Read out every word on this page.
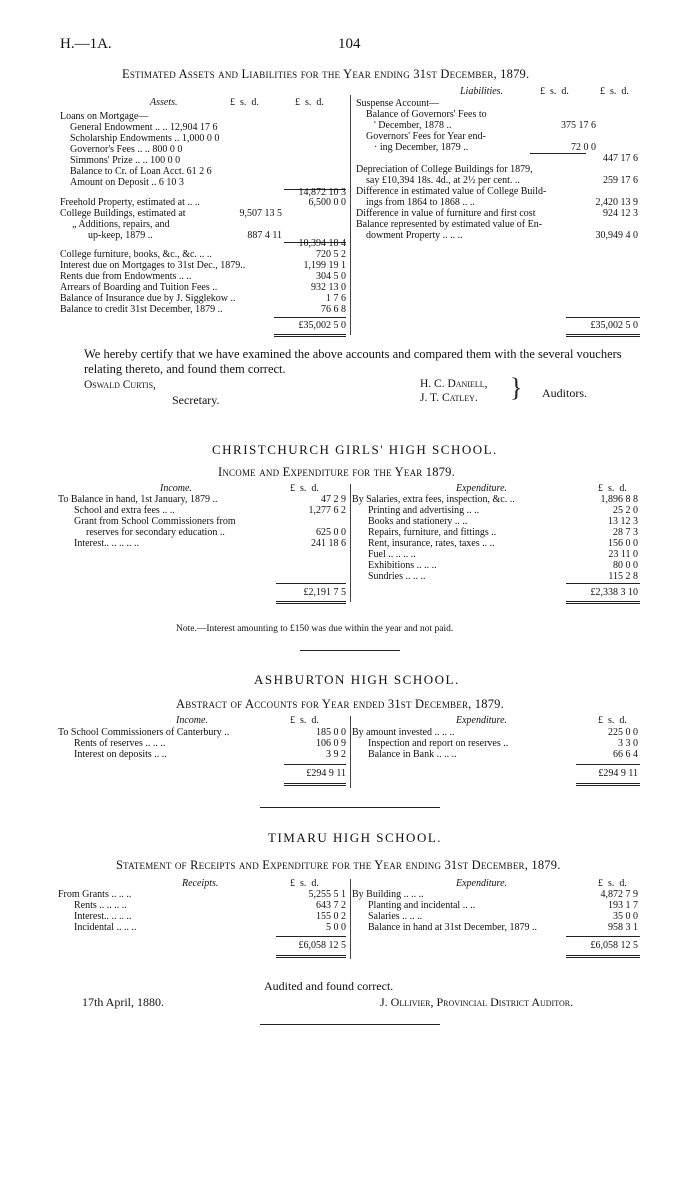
H.—1A.	104
Estimated Assets and Liabilities for the Year ending 31st December, 1879.
Assets.	£  s.  d.	£  s.  d.
Liabilities.	£  s.  d.	£  s.  d.
Loans on Mortgage—
General Endowment .. .. 12,904 17 6
Scholarship Endowments .. 1,000 0 0
Governor's Fees .. .. 800 0 0
Simmons' Prize .. .. 100 0 0
Balance to Cr. of Loan Acct. 61 2 6
Amount on Deposit .. 6 10 3
14,872 10 3
Freehold Property, estimated at .. ..	6,500 0 0
College Buildings, estimated at	9,507 13 5
„ Additions, repairs, and
up-keep, 1879 ..	887 4 11
10,394 18 4
College furniture, books, &c., &c. .. ..	720 5 2
Interest due on Mortgages to 31st Dec., 1879..	1,199 19 1
Rents due from Endowments .. ..	304 5 0
Arrears of Boarding and Tuition Fees ..	932 13 0
Balance of Insurance due by J. Sigglekow ..	1 7 6
Balance to credit 31st December, 1879 ..	76 6 8
£35,002 5 0
Suspense Account—
Balance of Governors' Fees to
' December, 1878 ..	375 17 6
Governors' Fees for Year end-
· ing December, 1879 ..	72 0 0
447 17 6
Depreciation of College Buildings for 1879,
say £10,394 18s. 4d., at 2½ per cent. ..	259 17 6
Difference in estimated value of College Build-
ings from 1864 to 1868 .. ..	2,420 13 9
Difference in value of furniture and first cost	924 12 3
Balance represented by estimated value of En-
dowment Property .. .. ..	30,949 4 0
£35,002 5 0
We hereby certify that we have examined the above accounts and compared them with the several vouchers relating thereto, and found them correct.
Oswald Curtis,
Secretary.
H. C. Daniell,
J. T. Catley. } Auditors.
CHRISTCHURCH GIRLS' HIGH SCHOOL.
Income and Expenditure for the Year 1879.
Income.	£  s.  d.	Expenditure.	£  s.  d.
To Balance in hand, 1st January, 1879 ..	47 2 9
School and extra fees .. ..	1,277 6 2
Grant from School Commissioners from
reserves for secondary education ..	625 0 0
Interest.. .. .. .. ..	241 18 6
£2,191 7 5
By Salaries, extra fees, inspection, &c. ..	1,896 8 8
Printing and advertising .. ..	25 2 0
Books and stationery .. ..	13 12 3
Repairs, furniture, and fittings ..	28 7 3
Rent, insurance, rates, taxes .. ..	156 0 0
Fuel .. .. .. ..	23 11 0
Exhibitions .. .. ..	80 0 0
Sundries .. .. ..	115 2 8
£2,338 3 10
Note.—Interest amounting to £150 was due within the year and not paid.
ASHBURTON HIGH SCHOOL.
Abstract of Accounts for Year ended 31st December, 1879.
Income.	£  s.  d.	Expenditure.	£  s.  d.
To School Commissioners of Canterbury ..	185 0 0
Rents of reserves .. .. ..	106 0 9
Interest on deposits .. ..	3 9 2
£294 9 11
By amount invested .. .. ..	225 0 0
Inspection and report on reserves ..	3 3 0
Balance in Bank .. .. ..	66 6 4
£294 9 11
TIMARU HIGH SCHOOL.
Statement of Receipts and Expenditure for the Year ending 31st December, 1879.
Receipts.	£  s.  d.	Expenditure.	£  s.  d.
From Grants .. .. ..	5,255 5 1
Rents .. .. .. ..	643 7 2
Interest.. .. .. ..	155 0 2
Incidental .. .. ..	5 0 0
£6,058 12 5
By Building .. .. ..	4,872 7 9
Planting and incidental .. ..	193 1 7
Salaries .. .. ..	35 0 0
Balance in hand at 31st December, 1879 ..	958 3 1
£6,058 12 5
Audited and found correct.
17th April, 1880.	J. Ollivier, Provincial District Auditor.
